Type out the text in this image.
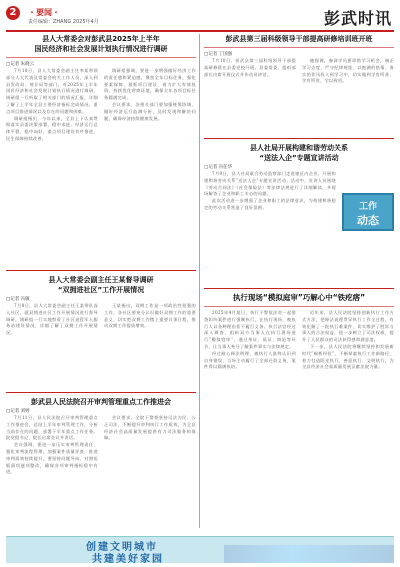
2	・要闻・
责任编辑：ZHANG 2025年4月	彭武时讯
县人大常委会对彭武县2025年上半年
国民经济和社会发展计划执行情况进行调研
□记者 朱晓云

7月10日，县人大常委会副主任李某带领部分人大代表及常委会机关工作人员，深入到县发改局、统计局等部门，对2025年上半年国民经济和社会发展计划执行情况进行调研。调研组一行听取了相关部门的情况汇报，详细了解了上半年全县主要经济指标完成情况、重点项目推进情况以及存在的问题和困难。

调研组指出，今年以来，全县上下认真贯彻落实县委决策部署，稳中求进，经济运行总体平稳、稳中向好，重点项目建设有序推进，民生保障持续改善。

调研组强调，要进一步增强做好经济工作的责任感和紧迫感，聚焦全年目标任务，强化要素保障，狠抓项目建设，着力扩大有效投资，持续优化营商环境，确保全年各项目标任务圆满完成。

会议要求，各相关部门要加强统筹协调，做好经济运行监测分析，及时发现和解决问题，确保经济持续健康发展。

县人大常委会副主任王某督导调研
“双拥进社区”工作开展情况
□记者 冯敏

7月8日，县人大常委会副主任王某带队深入社区，就双拥进社区工作开展情况进行督导调研。调研组一行实地察看了社区退役军人服务站建设情况，详细了解了双拥工作开展情况。

王某指出，双拥工作是一项政治性很强的工作，各社区要充分认识做好双拥工作的重要意义，切实把双拥工作摆上重要议事日程，推动双拥工作提质增效。

彭武县人民法院召开审判管理重点工作推进会
□记者 刘婷

7月11日，县人民法院召开审判管理重点工作推进会，总结上半年审判管理工作，分析当前存在的问题，部署下半年重点工作任务。院党组书记、院长出席会议并讲话。

会议强调，要进一步压实审判管理责任，强化审判流程管理，加强案件质量评查，推进审判质效持续提升。要坚持问题导向，对照短板弱项逐项整改，确保各项审判指标稳中有进。

会议要求，全院干警要坚持司法为民、公正司法，不断提升审判执行工作质效，为全县经济社会高质量发展提供有力司法服务和保障。

彭武县第三届科级领导干部提高研修培训班开班
□记者 丁国强

7月10日，彭武县第三届科级领导干部提高研修班在县委党校开班。县委常委、组织部部长出席开班仪式并作动员讲话。

她强调，参训学员要珍惜学习机会，端正学习态度，严守纪律规矩，以饱满的热情、务实的作风投入到学习中，切实做到学有所获、学有所用、学以致用。

县人社局开展构建和谐劳动关系
“送法入企”专题宣讲活动
□记者 冯任华

7月9日，县人社局联合劳动监察部门走进辖区内企业，开展构建和谐劳动关系“送法入企”专题宣讲活动。活动中，宣讲人员围绕《劳动合同法》《社会保险法》等法律法规进行了详细解读，并现场解答了企业和职工关心的问题。

此次活动进一步增强了企业和职工的法律意识，为构建和谐稳定的劳动关系营造了良好氛围。	工作
动态
执行现场“模拟庭审”巧解心中“铁疙瘩”

2025年4月某日，执行干警依法对一起借贷纠纷案件进行强制执行，在执行现场，被执行人以各种理由拒不履行义务。执行法官经过深入调查，组织双方当事人在执行现场进行“模拟庭审”，通过举证、质证、辩论等环节，让当事人充分了解案件事实与法律规定。

经过耐心释法明理，被执行人最终认识到自身错误，当场主动履行了全部还款义务，案件得以圆满执结。

近年来，县人民法院坚持创新执行工作方式方法，把释法说理贯穿执行工作全过程，有效化解了一批执行难案件，切实维护了胜诉当事人的合法权益，进一步树立了司法权威，提升了人民群众的司法获得感和满意度。

下一步，县人民法院将继续坚持和发展新时代“枫桥经验”，不断探索执行工作新路径，着力打造阳光执行、善意执行、文明执行，为全县经济社会高质量发展贡献法院力量。

创建文明城市
共建美好家园
